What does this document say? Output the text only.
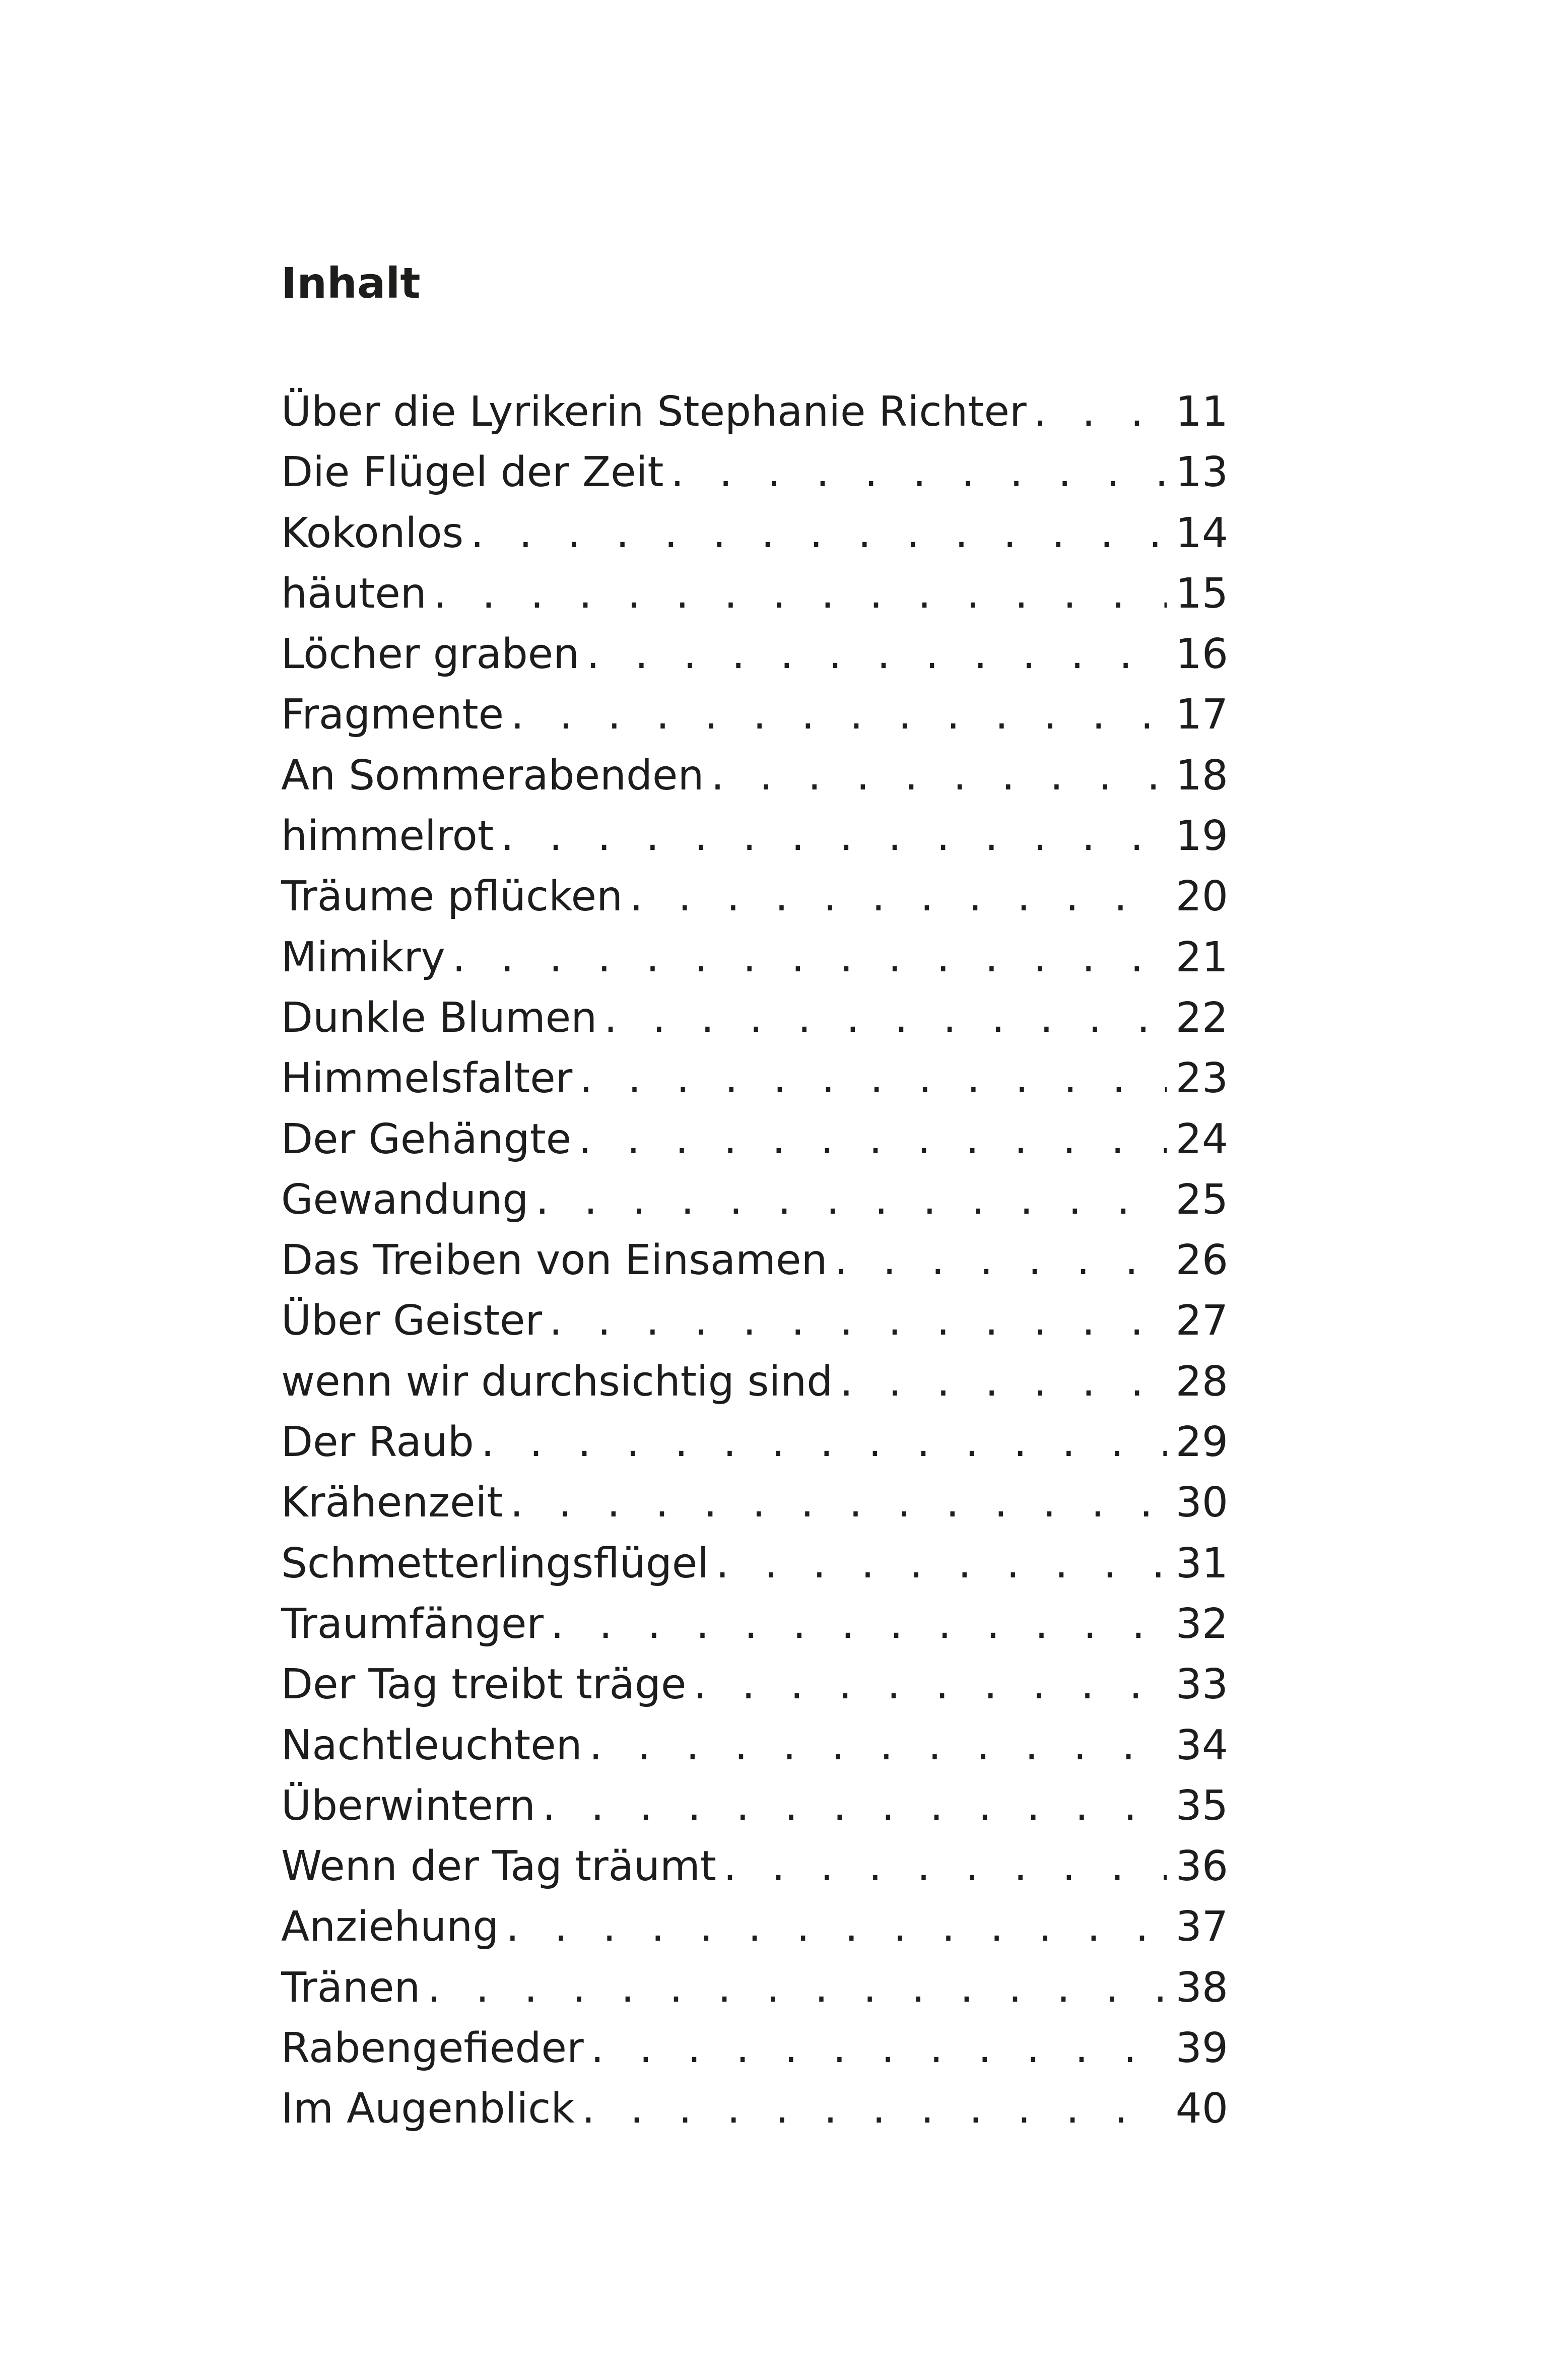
Inhalt
Über die Lyrikerin Stephanie Richter . . .	11
Die Flügel der Zeit . . .	13
Kokonlos . . .	14
häuten . . .	15
Löcher graben . . .	16
Fragmente . . .	17
An Sommerabenden . . .	18
himmelrot . . .	19
Träume pflücken . . .	20
Mimikry . . .	21
Dunkle Blumen . . .	22
Himmelsfalter . . .	23
Der Gehängte . . .	24
Gewandung . . .	25
Das Treiben von Einsamen . . .	26
Über Geister . . .	27
wenn wir durchsichtig sind . . .	28
Der Raub . . .	29
Krähenzeit . . .	30
Schmetterlingsflügel . . .	31
Traumfänger . . .	32
Der Tag treibt träge . . .	33
Nachtleuchten . . .	34
Überwintern . . .	35
Wenn der Tag träumt . . .	36
Anziehung . . .	37
Tränen . . .	38
Rabengefieder . . .	39
Im Augenblick . . .	40
